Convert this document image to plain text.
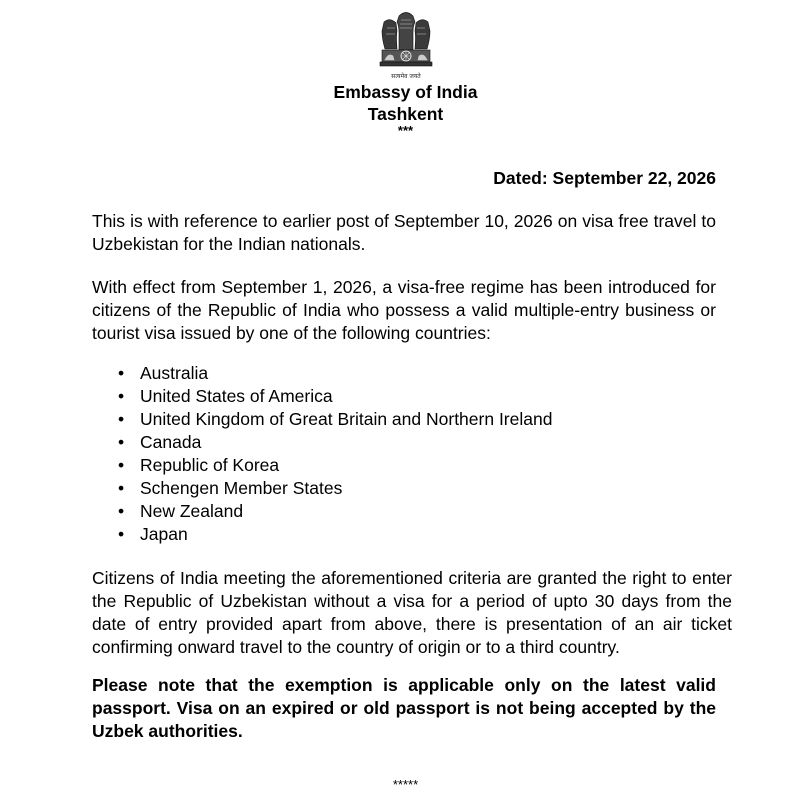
सत्यमेव जयते
Embassy of India
Tashkent
***
Dated: September 22, 2026

This is with reference to earlier post of September 10, 2026 on visa free travel to Uzbekistan for the Indian nationals.

With effect from September 1, 2026, a visa-free regime has been introduced for citizens of the Republic of India who possess a valid multiple-entry business or tourist visa issued by one of the following countries:

• Australia
• United States of America
• United Kingdom of Great Britain and Northern Ireland
• Canada
• Republic of Korea
• Schengen Member States
• New Zealand
• Japan

Citizens of India meeting the aforementioned criteria are granted the right to enter the Republic of Uzbekistan without a visa for a period of upto 30 days from the date of entry provided apart from above, there is presentation of an air ticket confirming onward travel to the country of origin or to a third country.

Please note that the exemption is applicable only on the latest valid passport. Visa on an expired or old passport is not being accepted by the Uzbek authorities.

*****
